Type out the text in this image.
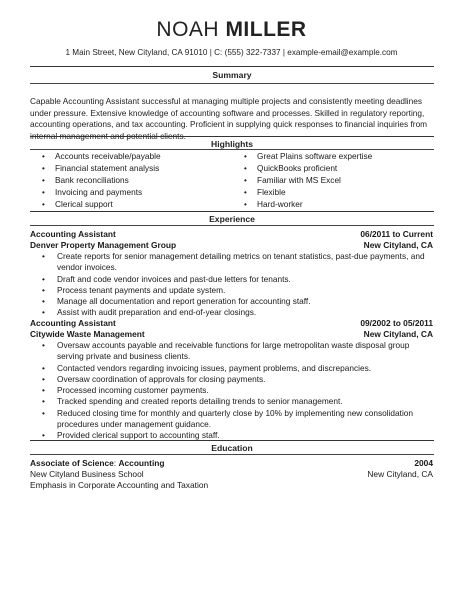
NOAH MILLER
1 Main Street, New Cityland, CA 91010 | C: (555) 322-7337 | example-email@example.com
Summary
Capable Accounting Assistant successful at managing multiple projects and consistently meeting deadlines under pressure. Extensive knowledge of accounting software and processes. Skilled in regulatory reporting, accounting operations, and tax accounting. Proficient in supplying quick responses to financial inquiries from internal management and potential clients.
Highlights
• Accounts receivable/payable
• Financial statement analysis
• Bank reconciliations
• Invoicing and payments
• Clerical support
• Great Plains software expertise
• QuickBooks proficient
• Familiar with MS Excel
• Flexible
• Hard-worker
Experience
Accounting Assistant	06/2011 to Current
Denver Property Management Group	New Cityland, CA
• Create reports for senior management detailing metrics on tenant statistics, past-due payments, and vendor invoices.
• Draft and code vendor invoices and past-due letters for tenants.
• Process tenant payments and update system.
• Manage all documentation and report generation for accounting staff.
• Assist with audit preparation and end-of-year closings.
Accounting Assistant	09/2002 to 05/2011
Citywide Waste Management	New Cityland, CA
• Oversaw accounts payable and receivable functions for large metropolitan waste disposal group serving private and business clients.
• Contacted vendors regarding invoicing issues, payment problems, and discrepancies.
• Oversaw coordination of approvals for closing payments.
• Processed incoming customer payments.
• Tracked spending and created reports detailing trends to senior management.
• Reduced closing time for monthly and quarterly close by 10% by implementing new consolidation procedures under management guidance.
• Provided clerical support to accounting staff.
Education
Associate of Science: Accounting	2004
New Cityland Business School	New Cityland, CA
Emphasis in Corporate Accounting and Taxation
